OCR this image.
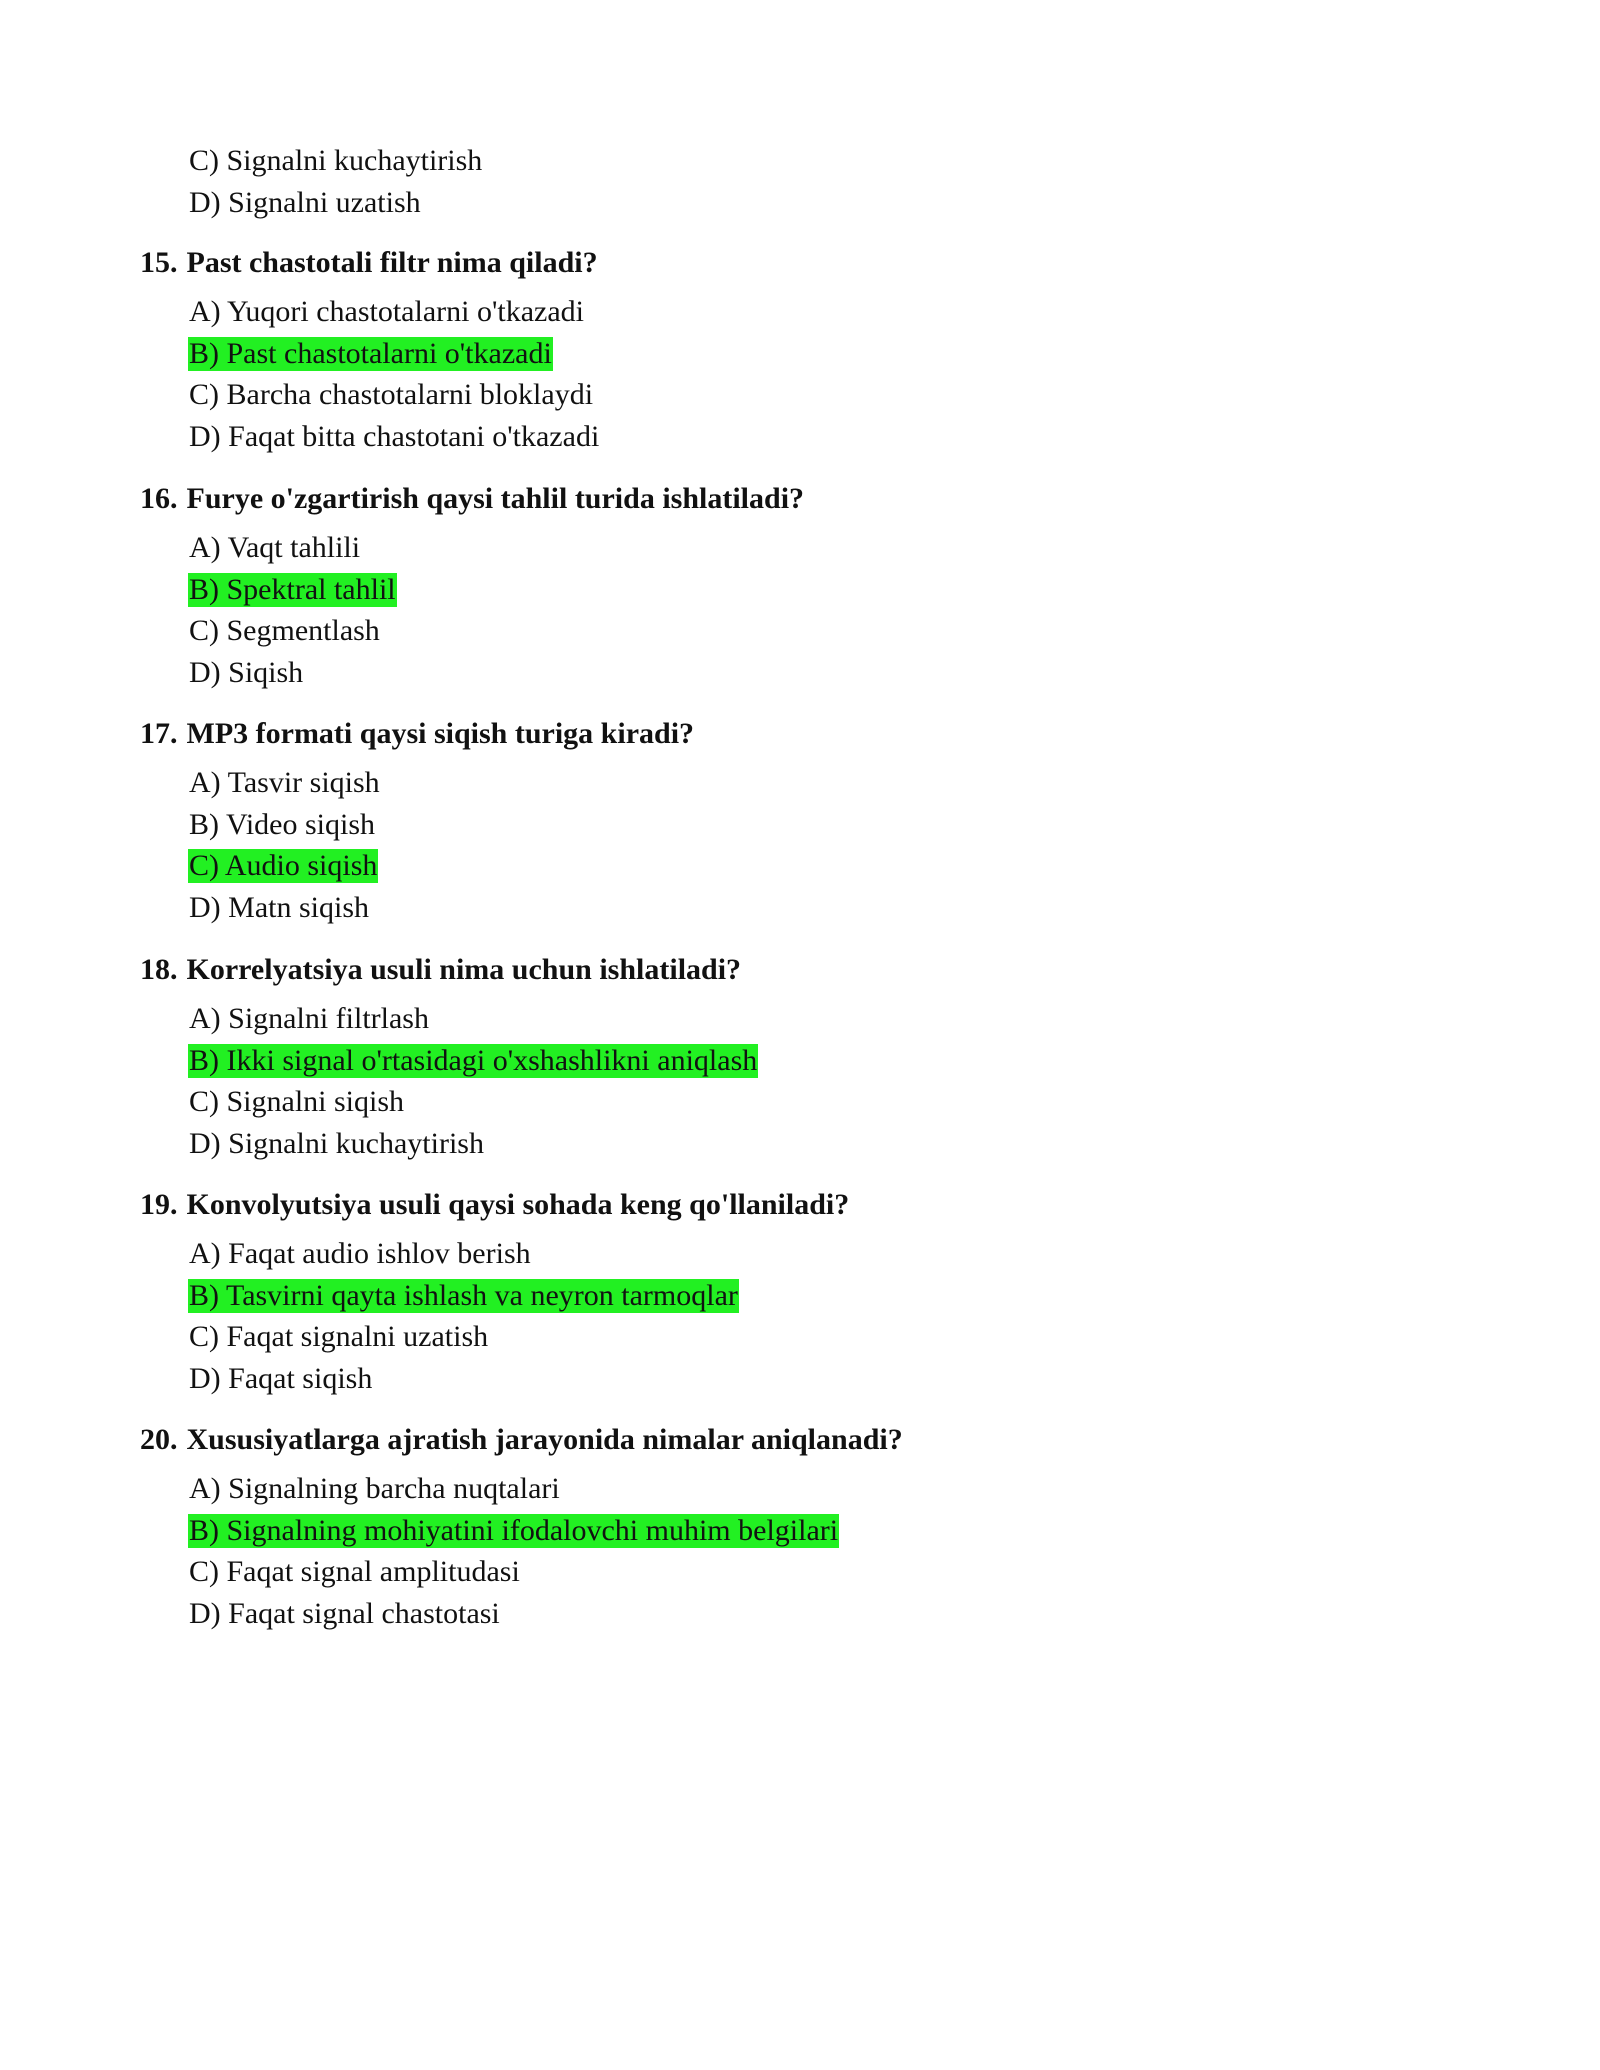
C) Signalni kuchaytirish
D) Signalni uzatish
15. Past chastotali filtr nima qiladi?
A) Yuqori chastotalarni o'tkazadi
B) Past chastotalarni o'tkazadi
C) Barcha chastotalarni bloklaydi
D) Faqat bitta chastotani o'tkazadi
16. Furye o'zgartirish qaysi tahlil turida ishlatiladi?
A) Vaqt tahlili
B) Spektral tahlil
C) Segmentlash
D) Siqish
17. MP3 formati qaysi siqish turiga kiradi?
A) Tasvir siqish
B) Video siqish
C) Audio siqish
D) Matn siqish
18. Korrelyatsiya usuli nima uchun ishlatiladi?
A) Signalni filtrlash
B) Ikki signal o'rtasidagi o'xshashlikni aniqlash
C) Signalni siqish
D) Signalni kuchaytirish
19. Konvolyutsiya usuli qaysi sohada keng qo'llaniladi?
A) Faqat audio ishlov berish
B) Tasvirni qayta ishlash va neyron tarmoqlar
C) Faqat signalni uzatish
D) Faqat siqish
20. Xususiyatlarga ajratish jarayonida nimalar aniqlanadi?
A) Signalning barcha nuqtalari
B) Signalning mohiyatini ifodalovchi muhim belgilari
C) Faqat signal amplitudasi
D) Faqat signal chastotasi
